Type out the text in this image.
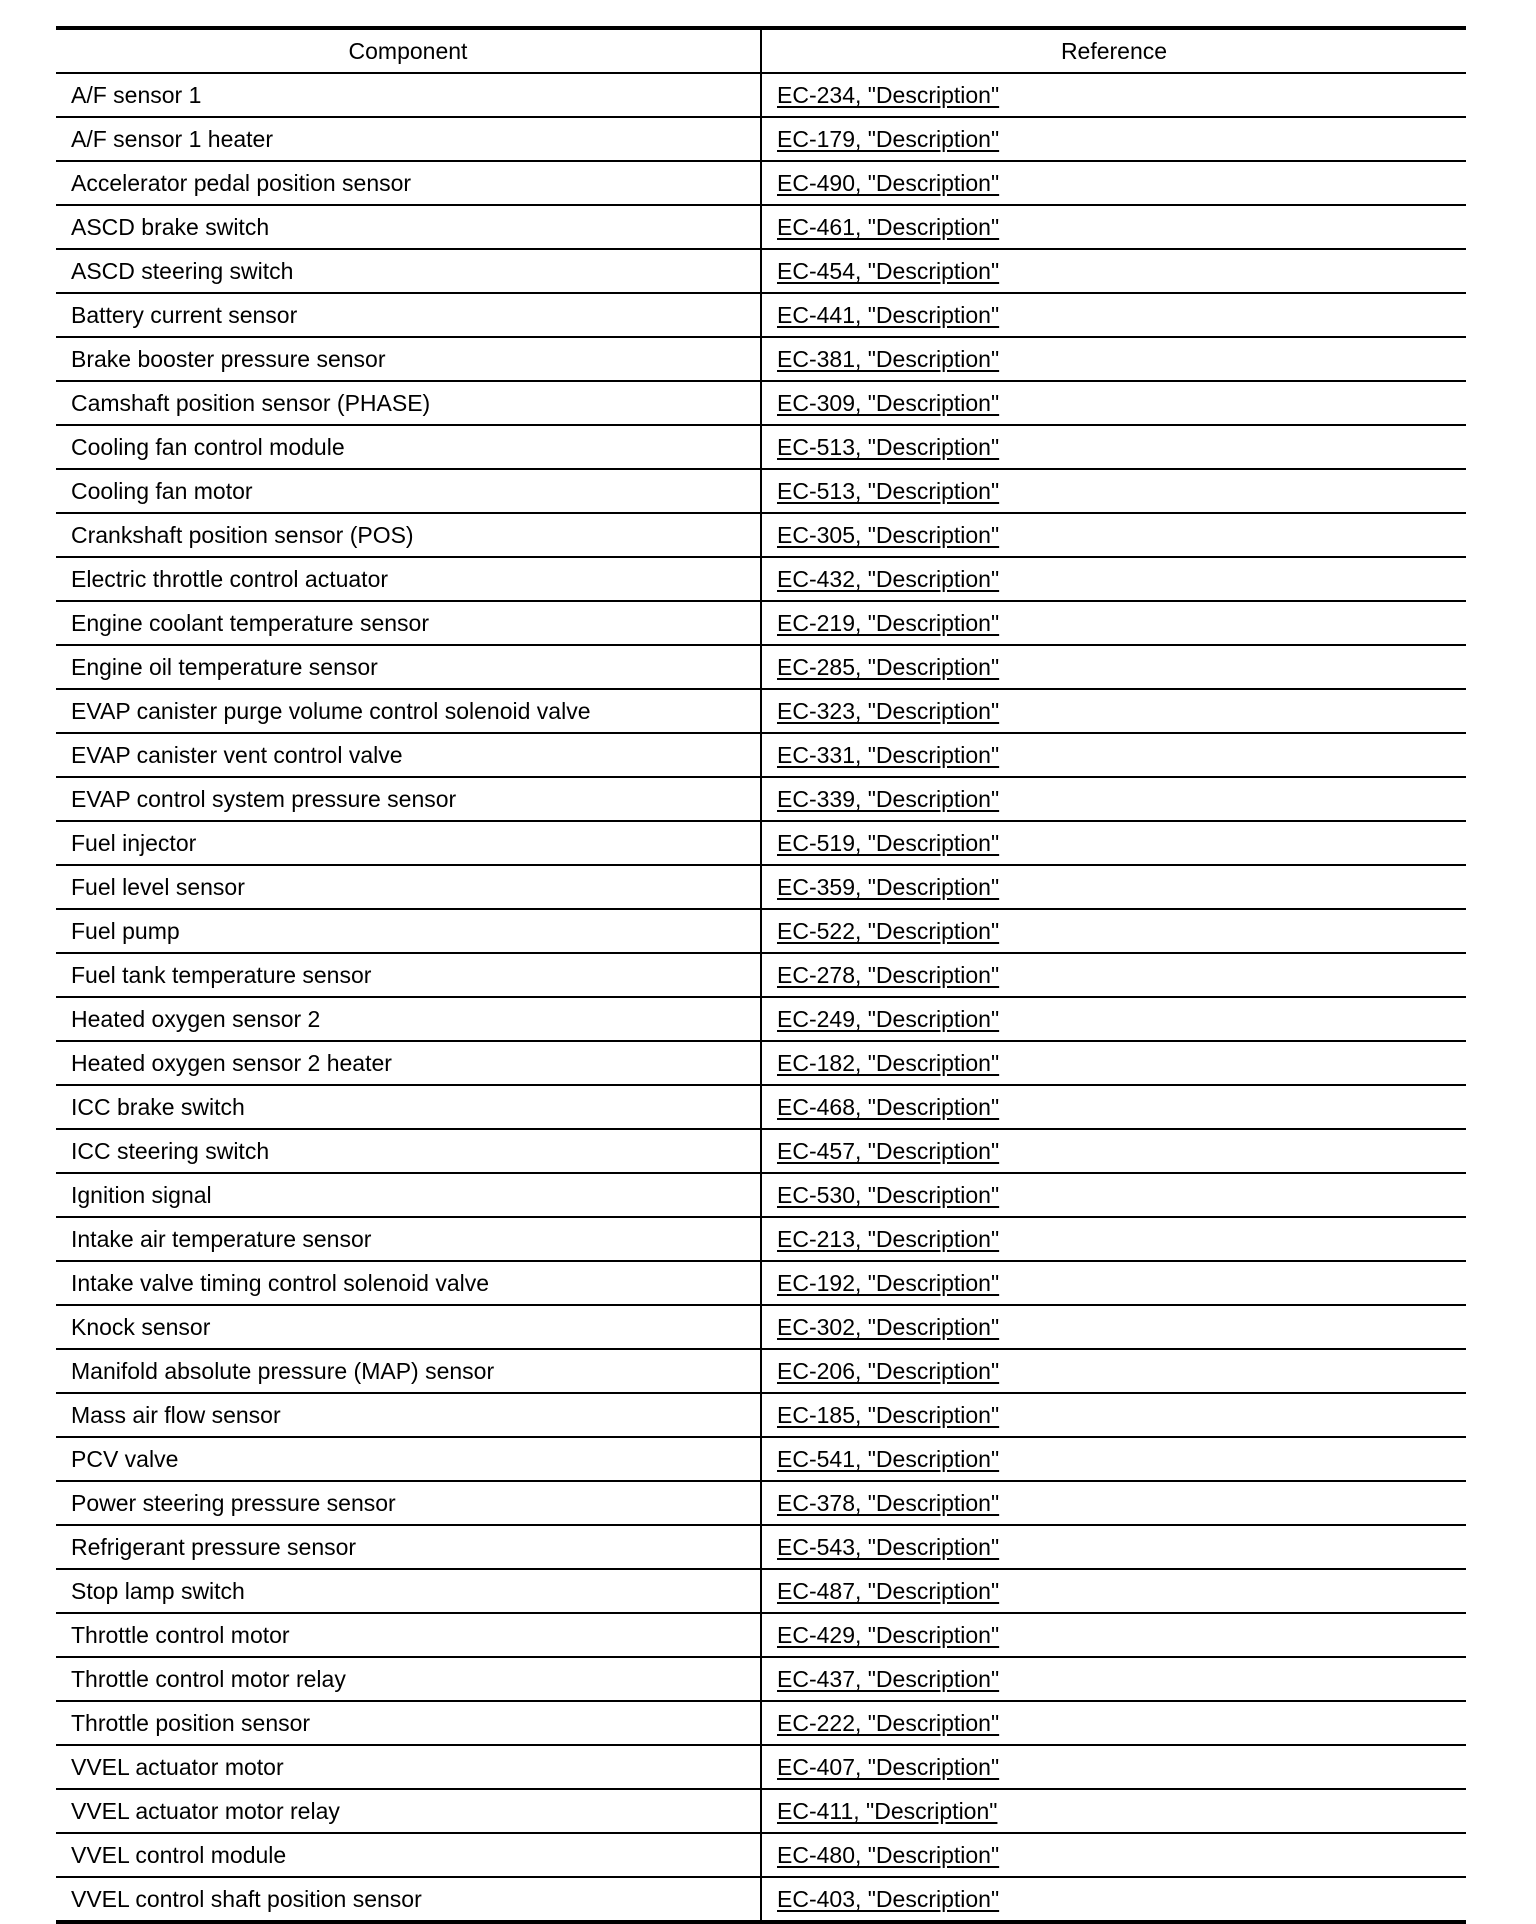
Component	Reference
A/F sensor 1	EC-234, "Description"
A/F sensor 1 heater	EC-179, "Description"
Accelerator pedal position sensor	EC-490, "Description"
ASCD brake switch	EC-461, "Description"
ASCD steering switch	EC-454, "Description"
Battery current sensor	EC-441, "Description"
Brake booster pressure sensor	EC-381, "Description"
Camshaft position sensor (PHASE)	EC-309, "Description"
Cooling fan control module	EC-513, "Description"
Cooling fan motor	EC-513, "Description"
Crankshaft position sensor (POS)	EC-305, "Description"
Electric throttle control actuator	EC-432, "Description"
Engine coolant temperature sensor	EC-219, "Description"
Engine oil temperature sensor	EC-285, "Description"
EVAP canister purge volume control solenoid valve	EC-323, "Description"
EVAP canister vent control valve	EC-331, "Description"
EVAP control system pressure sensor	EC-339, "Description"
Fuel injector	EC-519, "Description"
Fuel level sensor	EC-359, "Description"
Fuel pump	EC-522, "Description"
Fuel tank temperature sensor	EC-278, "Description"
Heated oxygen sensor 2	EC-249, "Description"
Heated oxygen sensor 2 heater	EC-182, "Description"
ICC brake switch	EC-468, "Description"
ICC steering switch	EC-457, "Description"
Ignition signal	EC-530, "Description"
Intake air temperature sensor	EC-213, "Description"
Intake valve timing control solenoid valve	EC-192, "Description"
Knock sensor	EC-302, "Description"
Manifold absolute pressure (MAP) sensor	EC-206, "Description"
Mass air flow sensor	EC-185, "Description"
PCV valve	EC-541, "Description"
Power steering pressure sensor	EC-378, "Description"
Refrigerant pressure sensor	EC-543, "Description"
Stop lamp switch	EC-487, "Description"
Throttle control motor	EC-429, "Description"
Throttle control motor relay	EC-437, "Description"
Throttle position sensor	EC-222, "Description"
VVEL actuator motor	EC-407, "Description"
VVEL actuator motor relay	EC-411, "Description"
VVEL control module	EC-480, "Description"
VVEL control shaft position sensor	EC-403, "Description"
